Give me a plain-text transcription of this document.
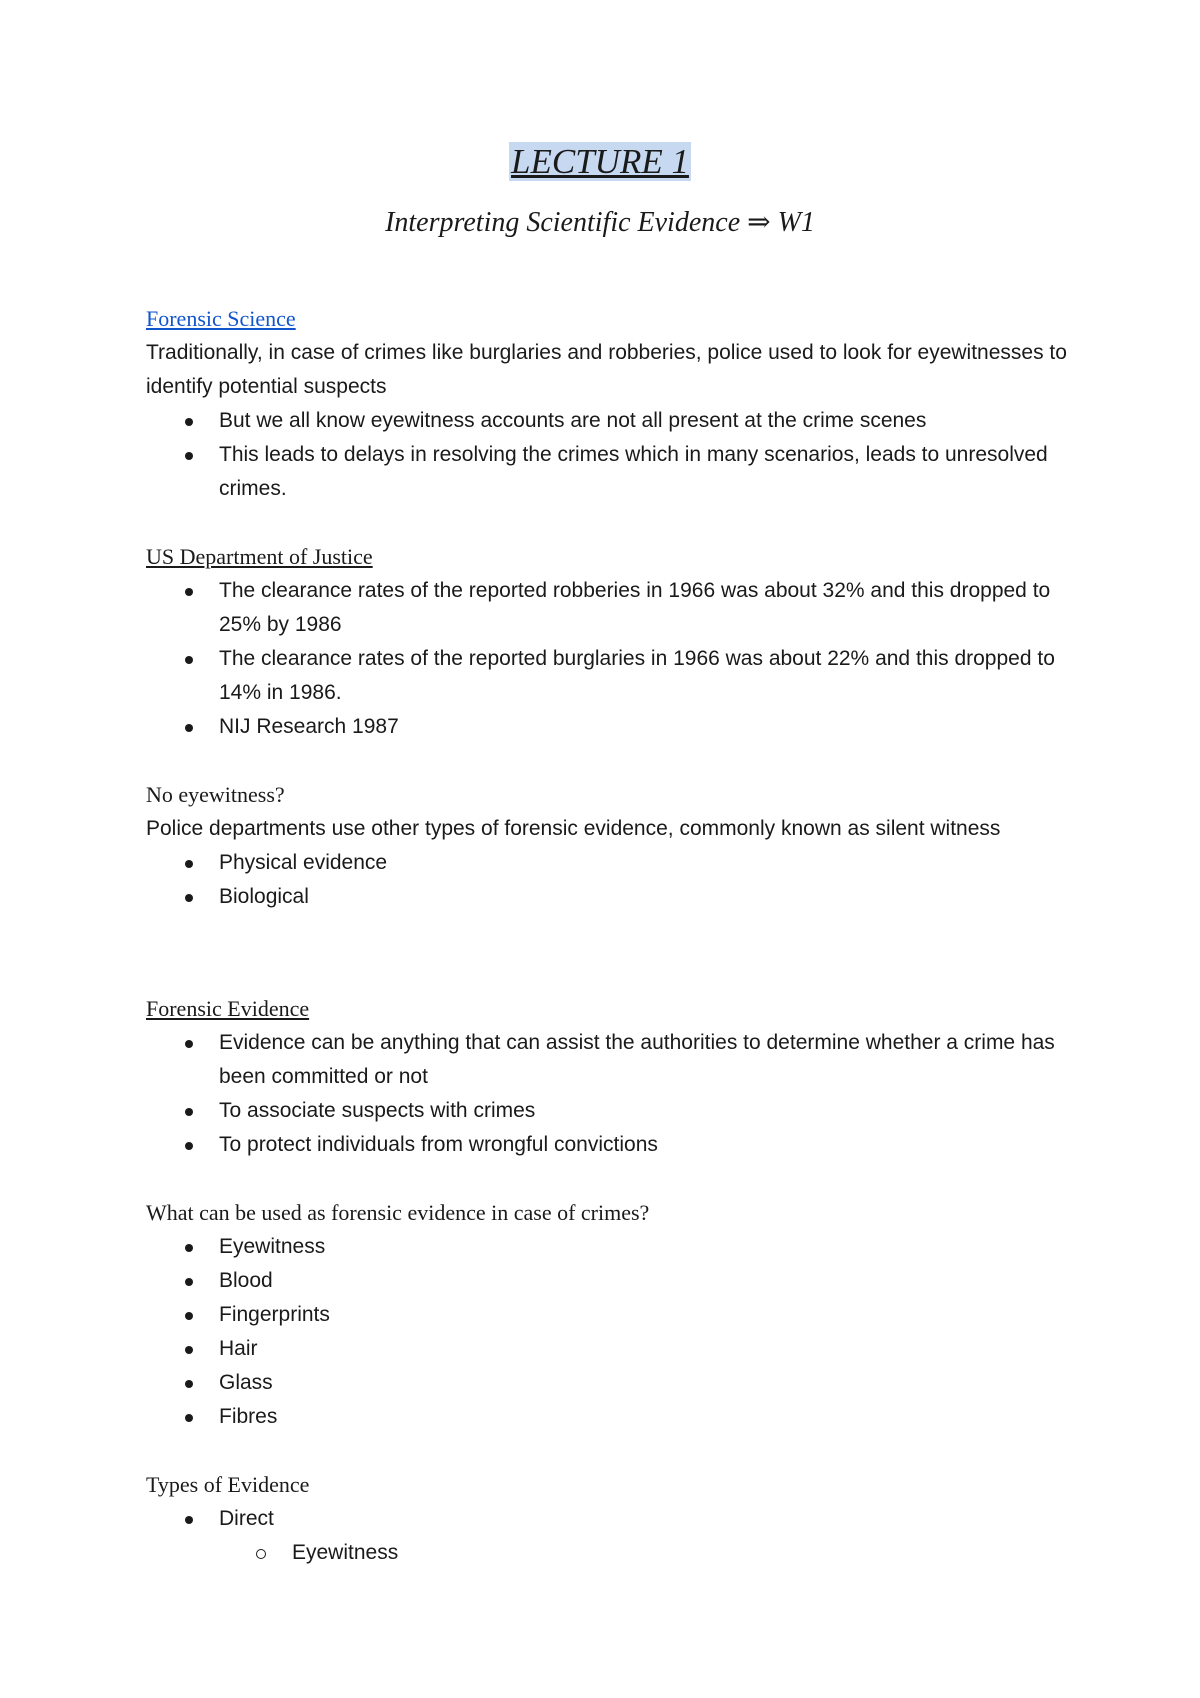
LECTURE 1
Interpreting Scientific Evidence ⇒ W1
Forensic Science

Traditionally, in case of crimes like burglaries and robberies, police used to look for eyewitnesses to identify potential suspects

But we all know eyewitness accounts are not all present at the crime scenes
This leads to delays in resolving the crimes which in many scenarios, leads to unresolved crimes.
US Department of Justice
The clearance rates of the reported robberies in 1966 was about 32% and this dropped to 25% by 1986
The clearance rates of the reported burglaries in 1966 was about 22% and this dropped to 14% in 1986.
NIJ Research 1987
No eyewitness?

Police departments use other types of forensic evidence, commonly known as silent witness

Physical evidence
Biological
Forensic Evidence
Evidence can be anything that can assist the authorities to determine whether a crime has been committed or not
To associate suspects with crimes
To protect individuals from wrongful convictions
What can be used as forensic evidence in case of crimes?
Eyewitness
Blood
Fingerprints
Hair
Glass
Fibres
Types of Evidence
Direct
Eyewitness
